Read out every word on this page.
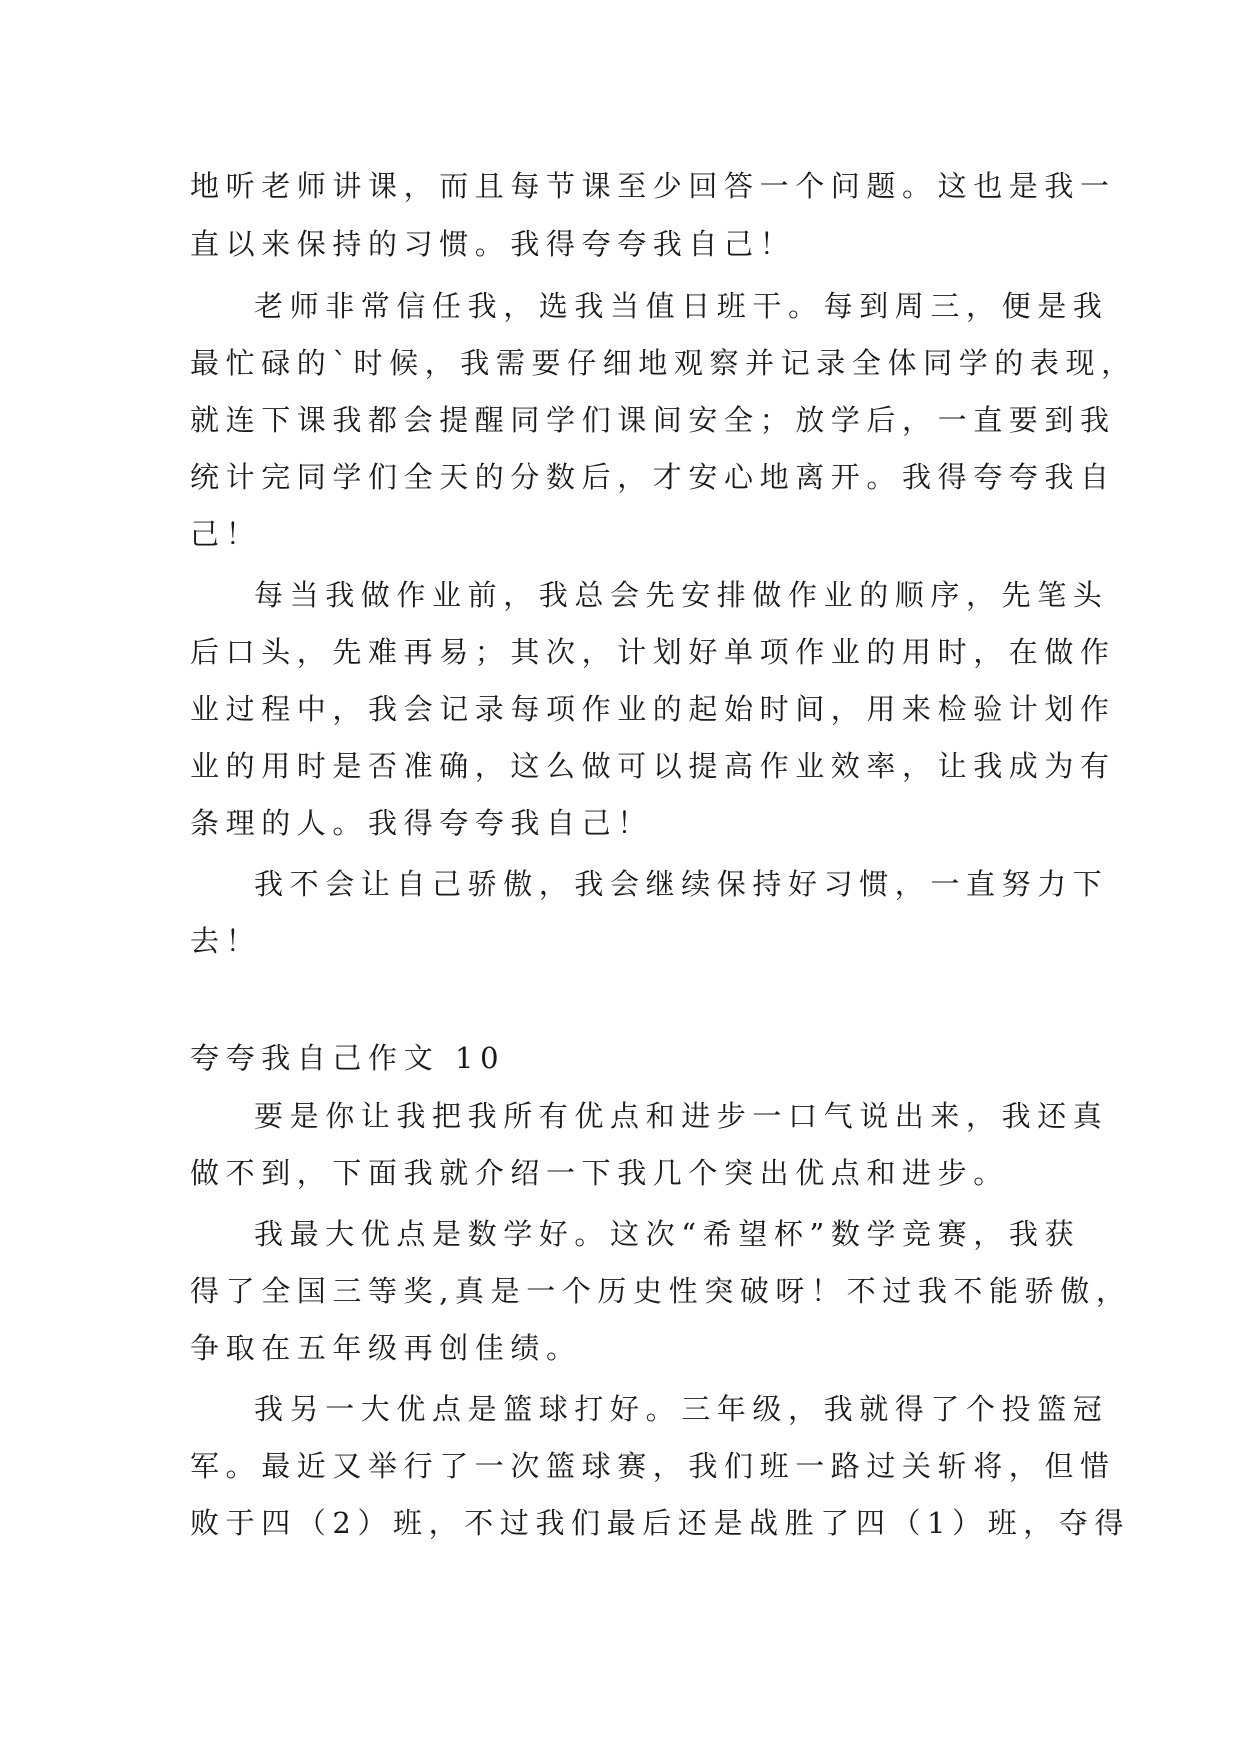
地听老师讲课，而且每节课至少回答一个问题。这也是我一
直以来保持的习惯。我得夸夸我自己！
老师非常信任我，选我当值日班干。每到周三，便是我
最忙碌的`时候，我需要仔细地观察并记录全体同学的表现，
就连下课我都会提醒同学们课间安全；放学后，一直要到我
统计完同学们全天的分数后，才安心地离开。我得夸夸我自
己！
每当我做作业前，我总会先安排做作业的顺序，先笔头
后口头，先难再易；其次，计划好单项作业的用时，在做作
业过程中，我会记录每项作业的起始时间，用来检验计划作
业的用时是否准确，这么做可以提高作业效率，让我成为有
条理的人。我得夸夸我自己！
我不会让自己骄傲，我会继续保持好习惯，一直努力下
去！
夸夸我自己作文 10
要是你让我把我所有优点和进步一口气说出来，我还真
做不到，下面我就介绍一下我几个突出优点和进步。
我最大优点是数学好。这次“希望杯”数学竞赛，我获
得了全国三等奖,真是一个历史性突破呀！不过我不能骄傲，
争取在五年级再创佳绩。
我另一大优点是篮球打好。三年级，我就得了个投篮冠
军。最近又举行了一次篮球赛，我们班一路过关斩将，但惜
败于四（2）班，不过我们最后还是战胜了四（1）班，夺得
